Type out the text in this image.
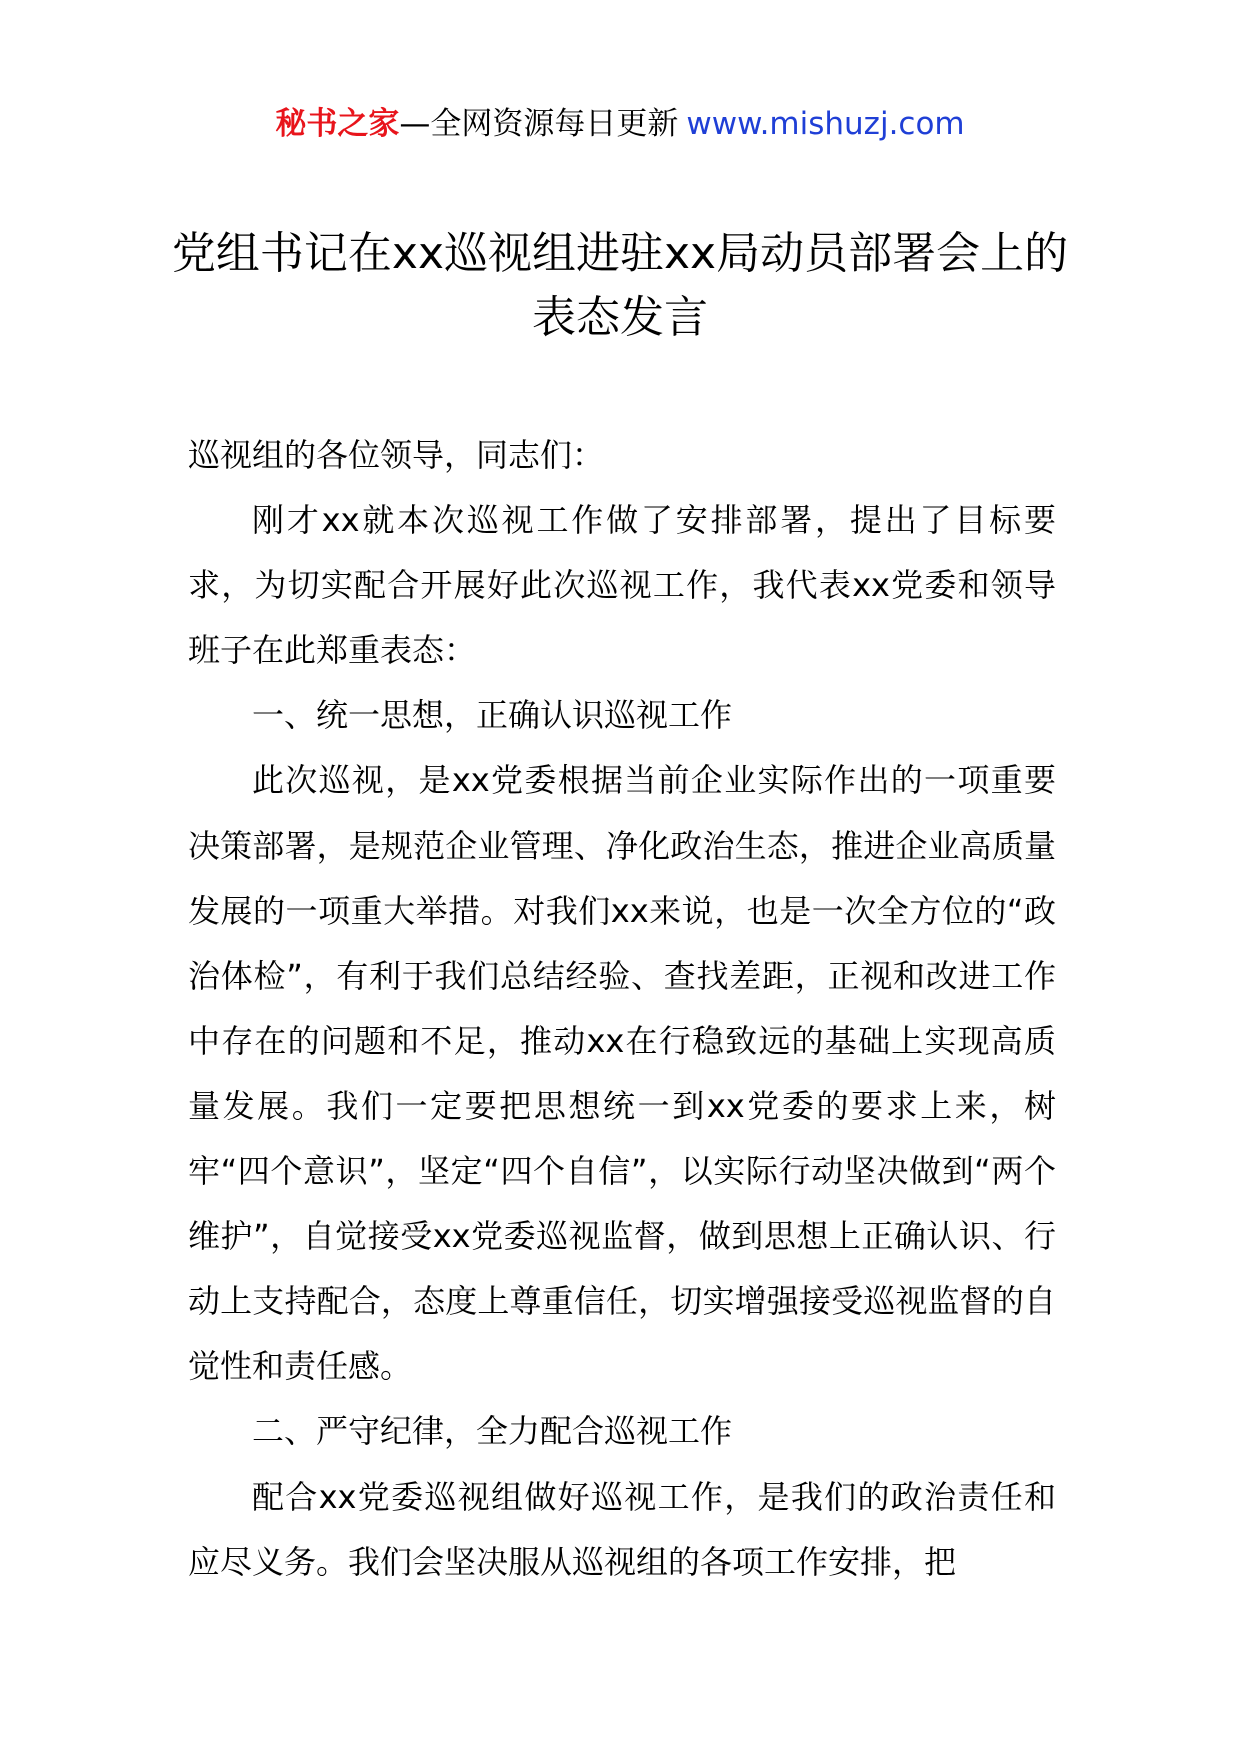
秘书之家—全网资源每日更新 www.mishuzj.com
党组书记在xx巡视组进驻xx局动员部署会上的表态发言

巡视组的各位领导，同志们：

刚才xx就本次巡视工作做了安排部署，提出了目标要求，为切实配合开展好此次巡视工作，我代表xx党委和领导班子在此郑重表态：

一、统一思想，正确认识巡视工作

此次巡视，是xx党委根据当前企业实际作出的一项重要决策部署，是规范企业管理、净化政治生态，推进企业高质量发展的一项重大举措。对我们xx来说，也是一次全方位的“政治体检”，有利于我们总结经验、查找差距，正视和改进工作中存在的问题和不足，推动xx在行稳致远的基础上实现高质量发展。我们一定要把思想统一到xx党委的要求上来，树牢“四个意识”，坚定“四个自信”，以实际行动坚决做到“两个维护”，自觉接受xx党委巡视监督，做到思想上正确认识、行动上支持配合，态度上尊重信任，切实增强接受巡视监督的自觉性和责任感。

二、严守纪律，全力配合巡视工作

配合xx党委巡视组做好巡视工作，是我们的政治责任和应尽义务。我们会坚决服从巡视组的各项工作安排，把
